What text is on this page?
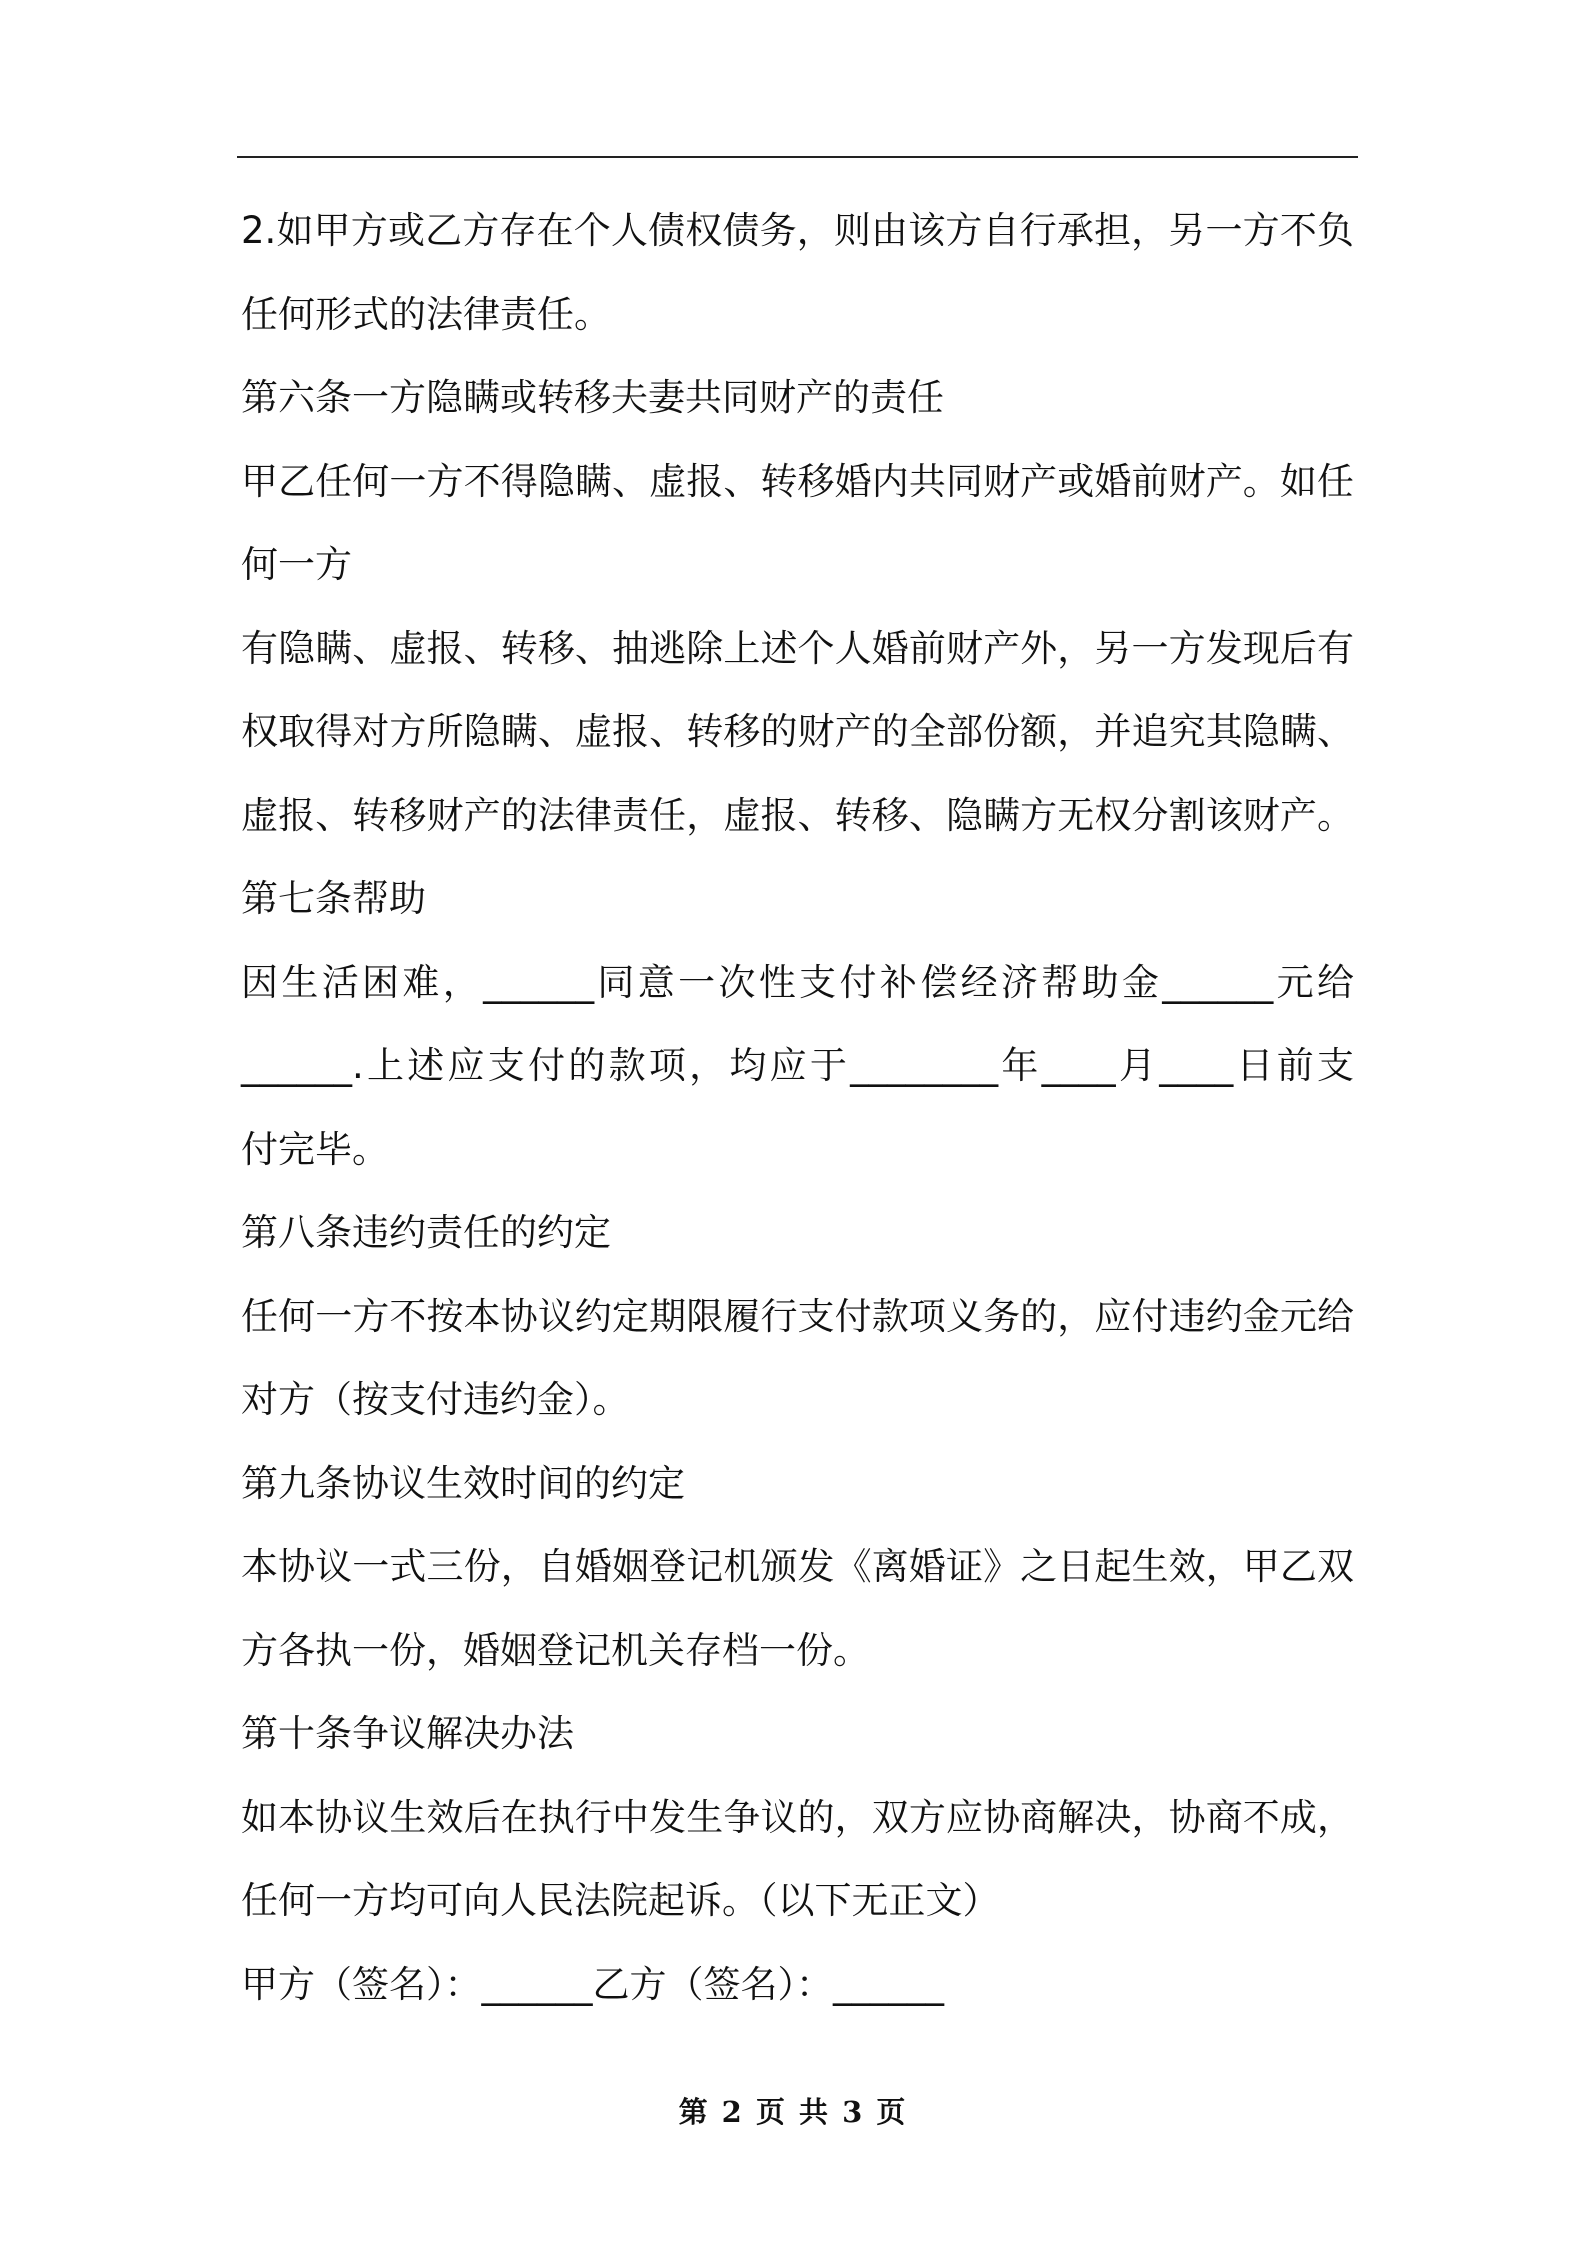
2.如甲方或乙方存在个人债权债务，则由该方自行承担，另一方不负
任何形式的法律责任。
第六条一方隐瞒或转移夫妻共同财产的责任
甲乙任何一方不得隐瞒、虚报、转移婚内共同财产或婚前财产。如任
何一方
有隐瞒、虚报、转移、抽逃除上述个人婚前财产外，另一方发现后有
权取得对方所隐瞒、虚报、转移的财产的全部份额，并追究其隐瞒、
虚报、转移财产的法律责任，虚报、转移、隐瞒方无权分割该财产。
第七条帮助
因生活困难，______同意一次性支付补偿经济帮助金______元给
______.上述应支付的款项，均应于________年____月____日前支
付完毕。
第八条违约责任的约定
任何一方不按本协议约定期限履行支付款项义务的，应付违约金元给
对方（按支付违约金）。
第九条协议生效时间的约定
本协议一式三份，自婚姻登记机颁发《离婚证》之日起生效，甲乙双
方各执一份，婚姻登记机关存档一份。
第十条争议解决办法
如本协议生效后在执行中发生争议的，双方应协商解决，协商不成，
任何一方均可向人民法院起诉。（以下无正文）
甲方（签名）：______乙方（签名）：______
第 2 页 共 3 页
